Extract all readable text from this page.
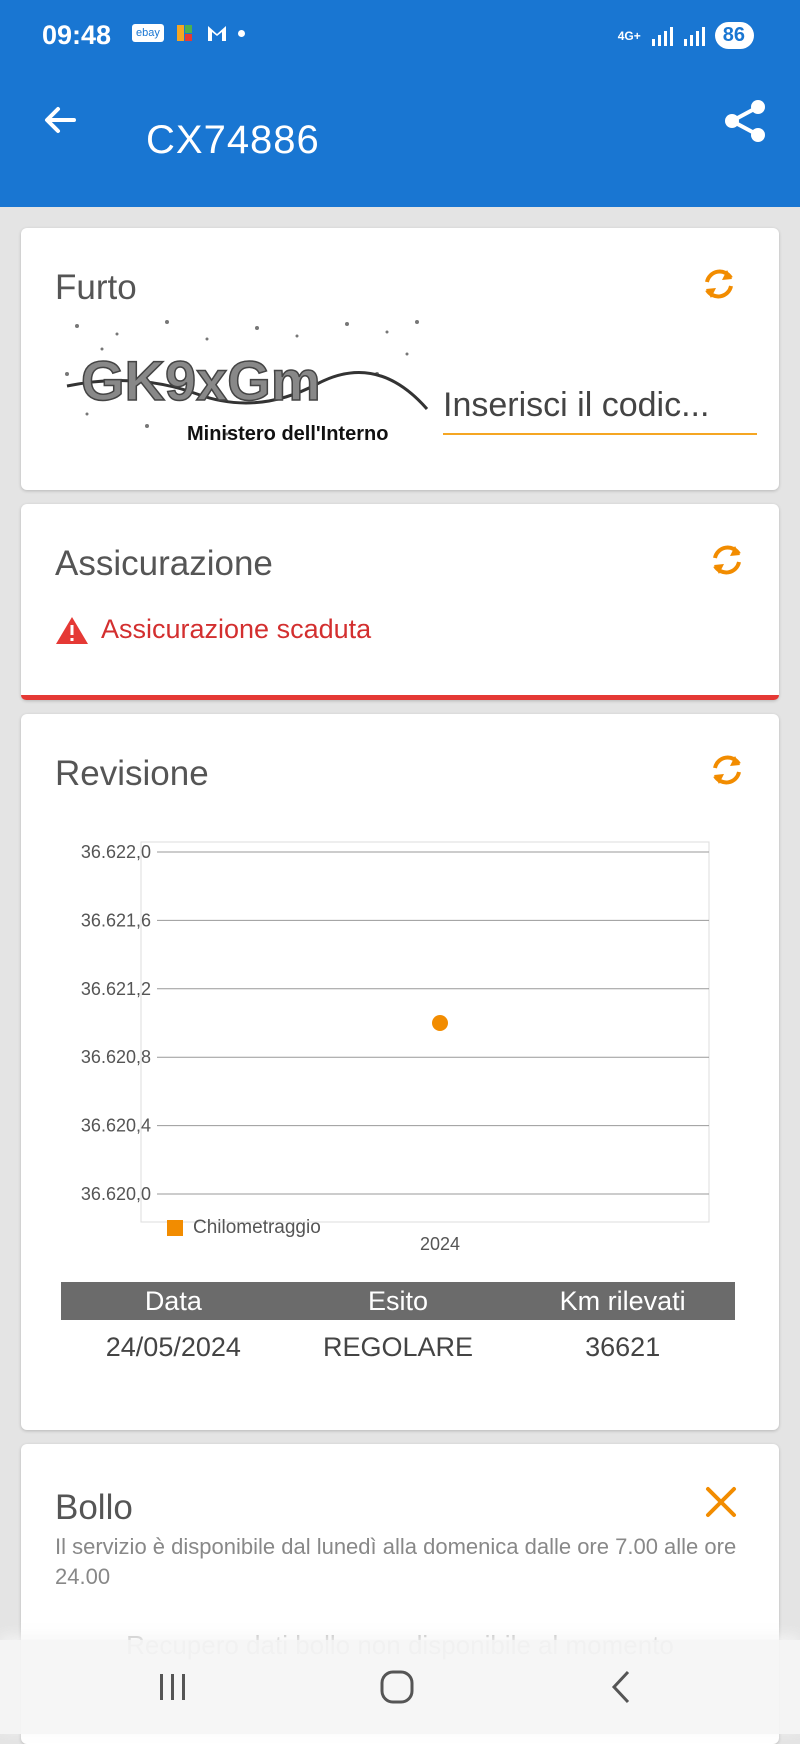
09:48	ebay	4G+	86
CX74886
Furto
GK9xGm
Ministero dell'Interno
Inserisci il codic...
Assicurazione
Assicurazione scaduta
Revisione
36.620,0
36.620,4
36.620,8
36.621,2
36.621,6
36.622,0
2024
Chilometraggio
Data	Esito	Km rilevati
24/05/2024	REGOLARE	36621
Bollo
Il servizio è disponibile dal lunedì alla domenica dalle ore 7.00 alle ore 24.00
